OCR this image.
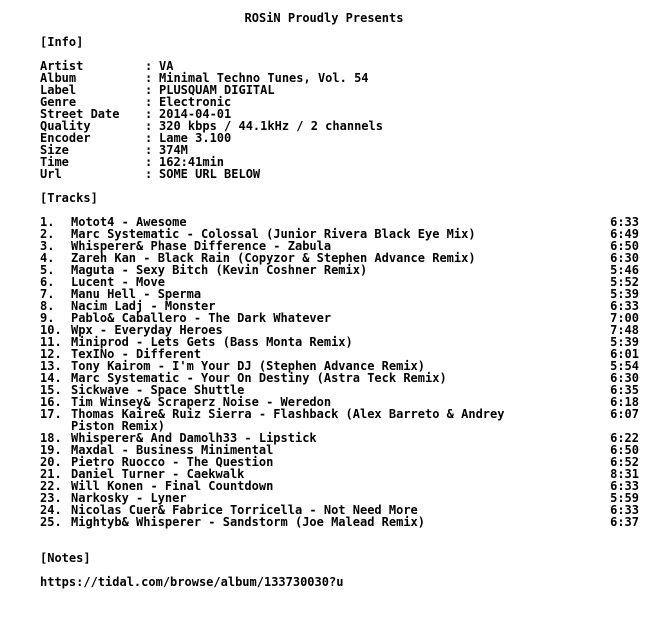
ROSiN Proudly Presents
[Info]
Artist	: VA
Album	: Minimal Techno Tunes, Vol. 54
Label	: PLUSQUAM DIGITAL
Genre	: Electronic
Street Date : 2014-04-01
Quality	: 320 kbps / 44.1kHz / 2 channels
Encoder	: Lame 3.100
Size	: 374M
Time	: 162:41min
Url	: SOME URL BELOW
[Tracks]
1. Motot4 - Awesome	6:33
2. Marc Systematic - Colossal (Junior Rivera Black Eye Mix)	6:49
3. Whisperer& Phase Difference - Zabula	6:50
4. Zareh Kan - Black Rain (Copyzor & Stephen Advance Remix)	6:30
5. Maguta - Sexy Bitch (Kevin Coshner Remix)	5:46
6. Lucent - Move	5:52
7. Manu Hell - Sperma	5:39
8. Nacim Ladj - Monster	6:33
9. Pablo& Caballero - The Dark Whatever	7:00
10. Wpx - Everyday Heroes	7:48
11. Miniprod - Lets Gets (Bass Monta Remix)	5:39
12. TexINo - Different	6:01
13. Tony Kairom - I'm Your DJ (Stephen Advance Remix)	5:54
14. Marc Systematic - Your On Destiny (Astra Teck Remix)	6:30
15. Sickwave - Space Shuttle	6:35
16. Tim Winsey& Scraperz Noise - Weredon	6:18
17. Thomas Kaire& Ruiz Sierra - Flashback (Alex Barreto & Andrey	6:07
Piston Remix)
18. Whisperer& And Damolh33 - Lipstick	6:22
19. Maxdal - Business Minimental	6:50
20. Pietro Ruocco - The Question	6:52
21. Daniel Turner - Caekwalk	8:31
22. Will Konen - Final Countdown	6:33
23. Narkosky - Lyner	5:59
24. Nicolas Cuer& Fabrice Torricella - Not Need More	6:33
25. Mightyb& Whisperer - Sandstorm (Joe Malead Remix)	6:37
[Notes]
https://tidal.com/browse/album/133730030?u
